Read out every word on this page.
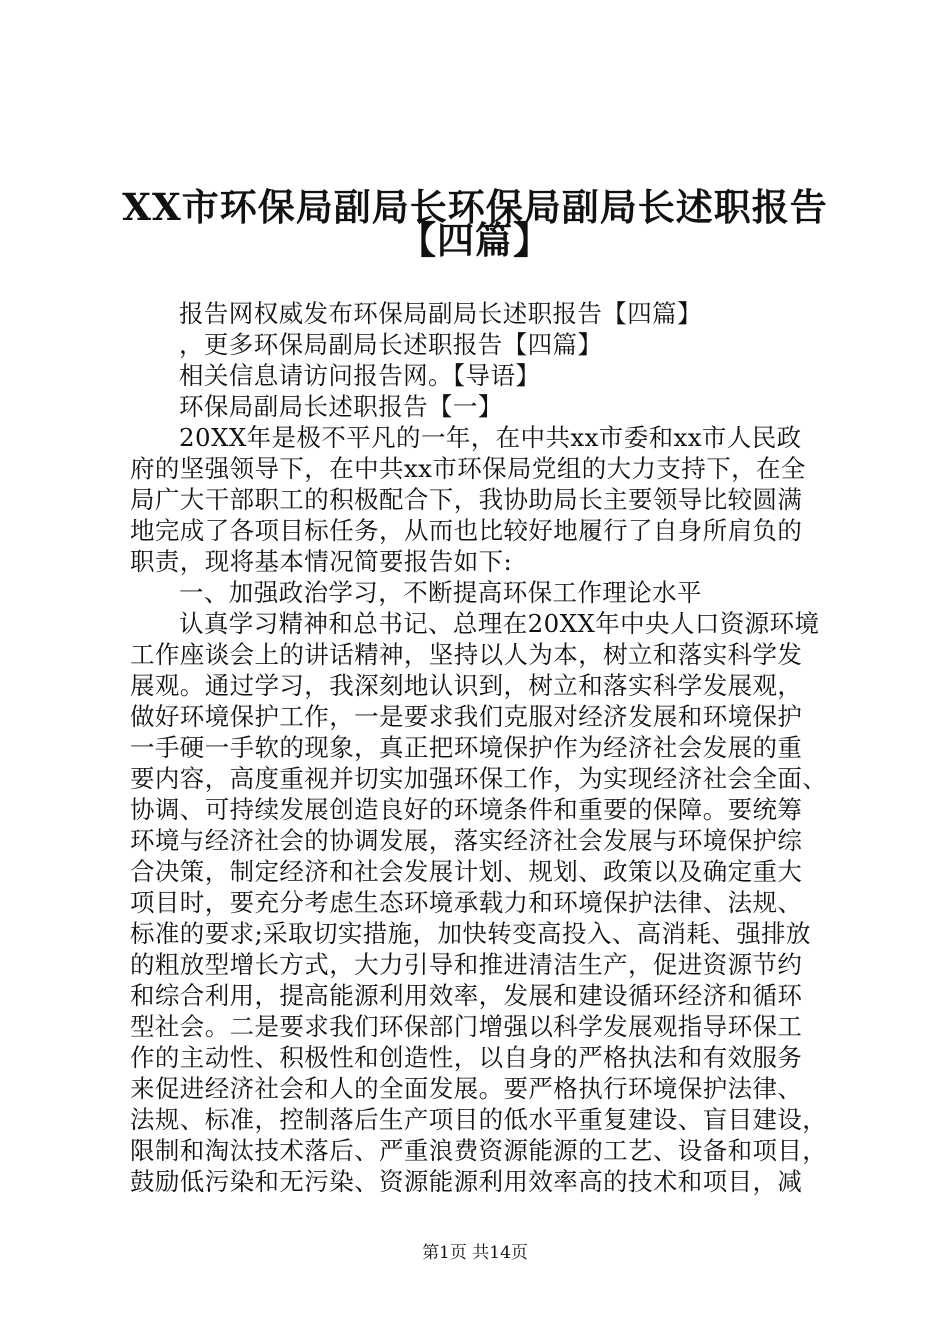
XX市环保局副局长环保局副局长述职报告
【四篇】
报告网权威发布环保局副局长述职报告【四篇】
，更多环保局副局长述职报告【四篇】
相关信息请访问报告网。【导语】
环保局副局长述职报告【一】
20XX年是极不平凡的一年，在中共xx市委和xx市人民政
府的坚强领导下，在中共xx市环保局党组的大力支持下，在全
局广大干部职工的积极配合下，我协助局长主要领导比较圆满
地完成了各项目标任务，从而也比较好地履行了自身所肩负的
职责，现将基本情况简要报告如下:
一、加强政治学习，不断提高环保工作理论水平
认真学习精神和总书记、总理在20XX年中央人口资源环境
工作座谈会上的讲话精神，坚持以人为本，树立和落实科学发
展观。通过学习，我深刻地认识到，树立和落实科学发展观，
做好环境保护工作，一是要求我们克服对经济发展和环境保护
一手硬一手软的现象，真正把环境保护作为经济社会发展的重
要内容，高度重视并切实加强环保工作，为实现经济社会全面、
协调、可持续发展创造良好的环境条件和重要的保障。要统筹
环境与经济社会的协调发展，落实经济社会发展与环境保护综
合决策，制定经济和社会发展计划、规划、政策以及确定重大
项目时，要充分考虑生态环境承载力和环境保护法律、法规、
标准的要求;采取切实措施，加快转变高投入、高消耗、强排放
的粗放型增长方式，大力引导和推进清洁生产，促进资源节约
和综合利用，提高能源利用效率，发展和建设循环经济和循环
型社会。二是要求我们环保部门增强以科学发展观指导环保工
作的主动性、积极性和创造性，以自身的严格执法和有效服务
来促进经济社会和人的全面发展。要严格执行环境保护法律、
法规、标准，控制落后生产项目的低水平重复建设、盲目建设，
限制和淘汰技术落后、严重浪费资源能源的工艺、设备和项目，
鼓励低污染和无污染、资源能源利用效率高的技术和项目，减
第1页 共14页
